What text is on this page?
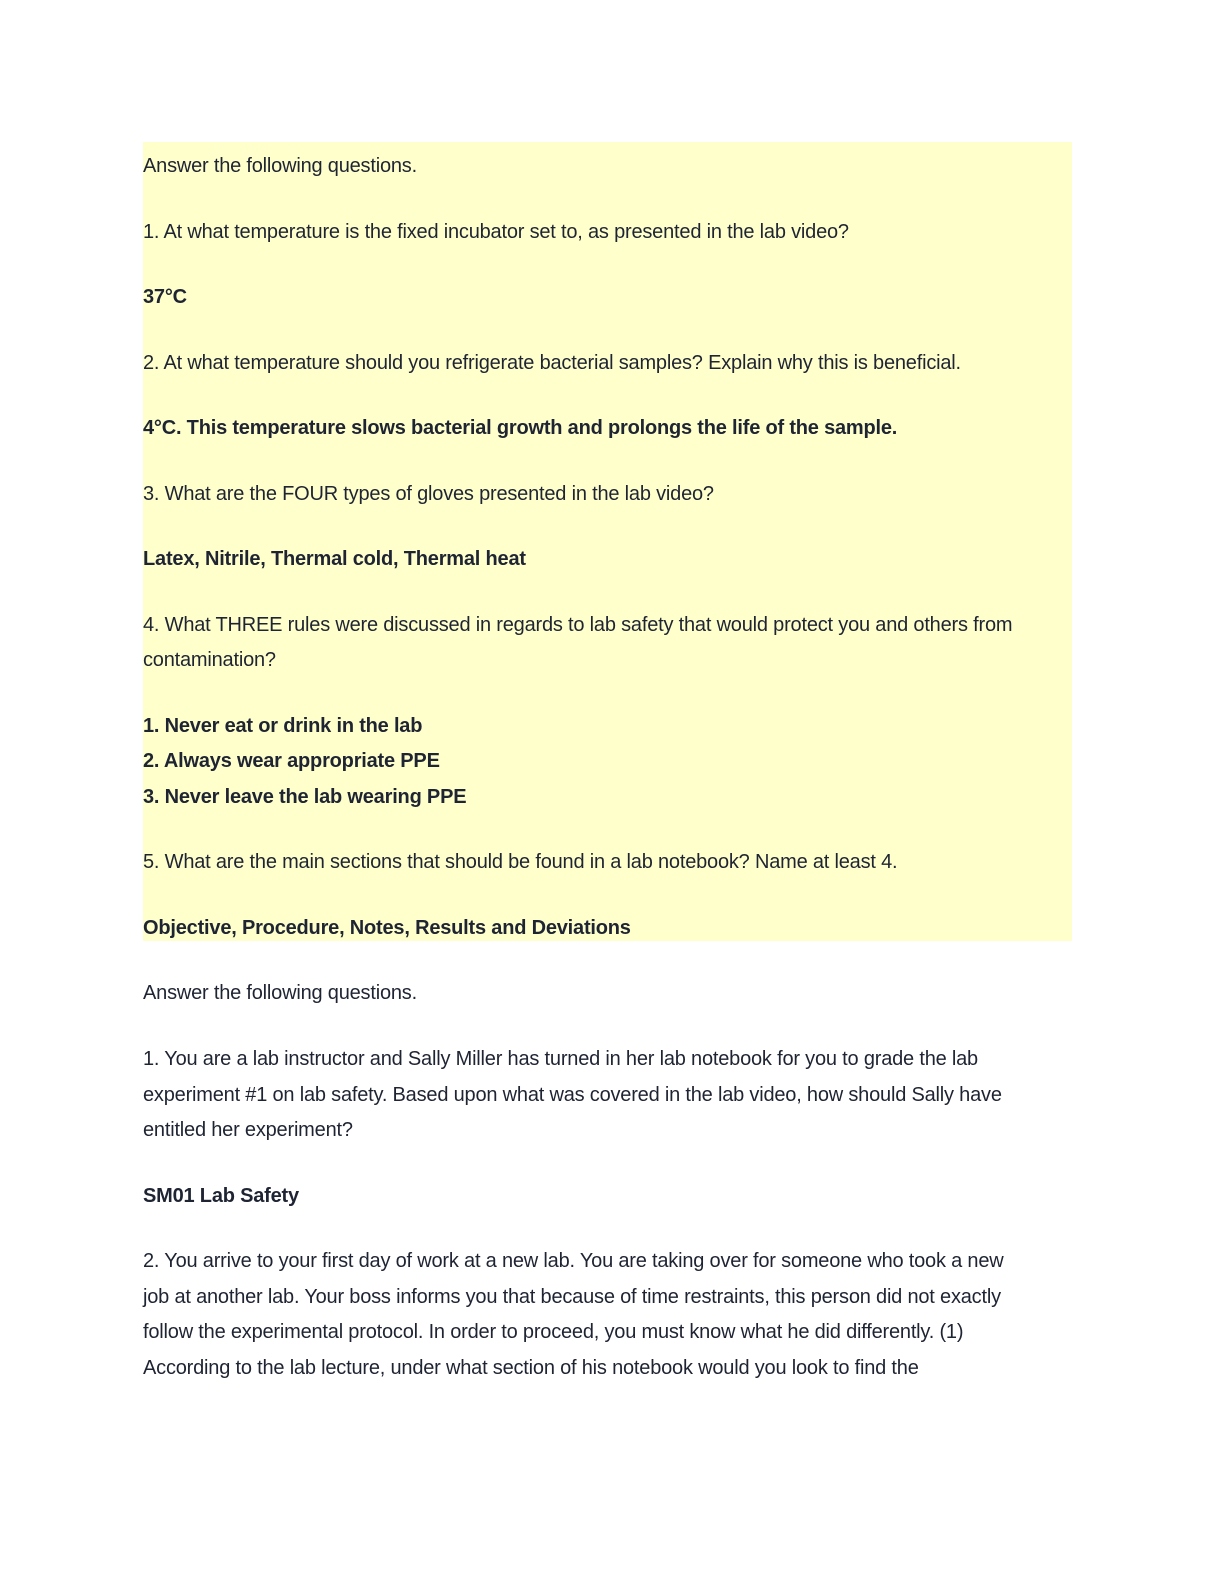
Answer the following questions.
1. At what temperature is the fixed incubator set to, as presented in the lab video?
37°C
2. At what temperature should you refrigerate bacterial samples? Explain why this is beneficial.
4°C. This temperature slows bacterial growth and prolongs the life of the sample.
3. What are the FOUR types of gloves presented in the lab video?
Latex, Nitrile, Thermal cold, Thermal heat
4. What THREE rules were discussed in regards to lab safety that would protect you and others from
contamination?
1. Never eat or drink in the lab
2. Always wear appropriate PPE
3. Never leave the lab wearing PPE
5. What are the main sections that should be found in a lab notebook? Name at least 4.
Objective, Procedure, Notes, Results and Deviations
Answer the following questions.
1. You are a lab instructor and Sally Miller has turned in her lab notebook for you to grade the lab
experiment #1 on lab safety. Based upon what was covered in the lab video, how should Sally have
entitled her experiment?
SM01 Lab Safety
2. You arrive to your first day of work at a new lab. You are taking over for someone who took a new
job at another lab. Your boss informs you that because of time restraints, this person did not exactly
follow the experimental protocol. In order to proceed, you must know what he did differently. (1)
According to the lab lecture, under what section of his notebook would you look to find the
